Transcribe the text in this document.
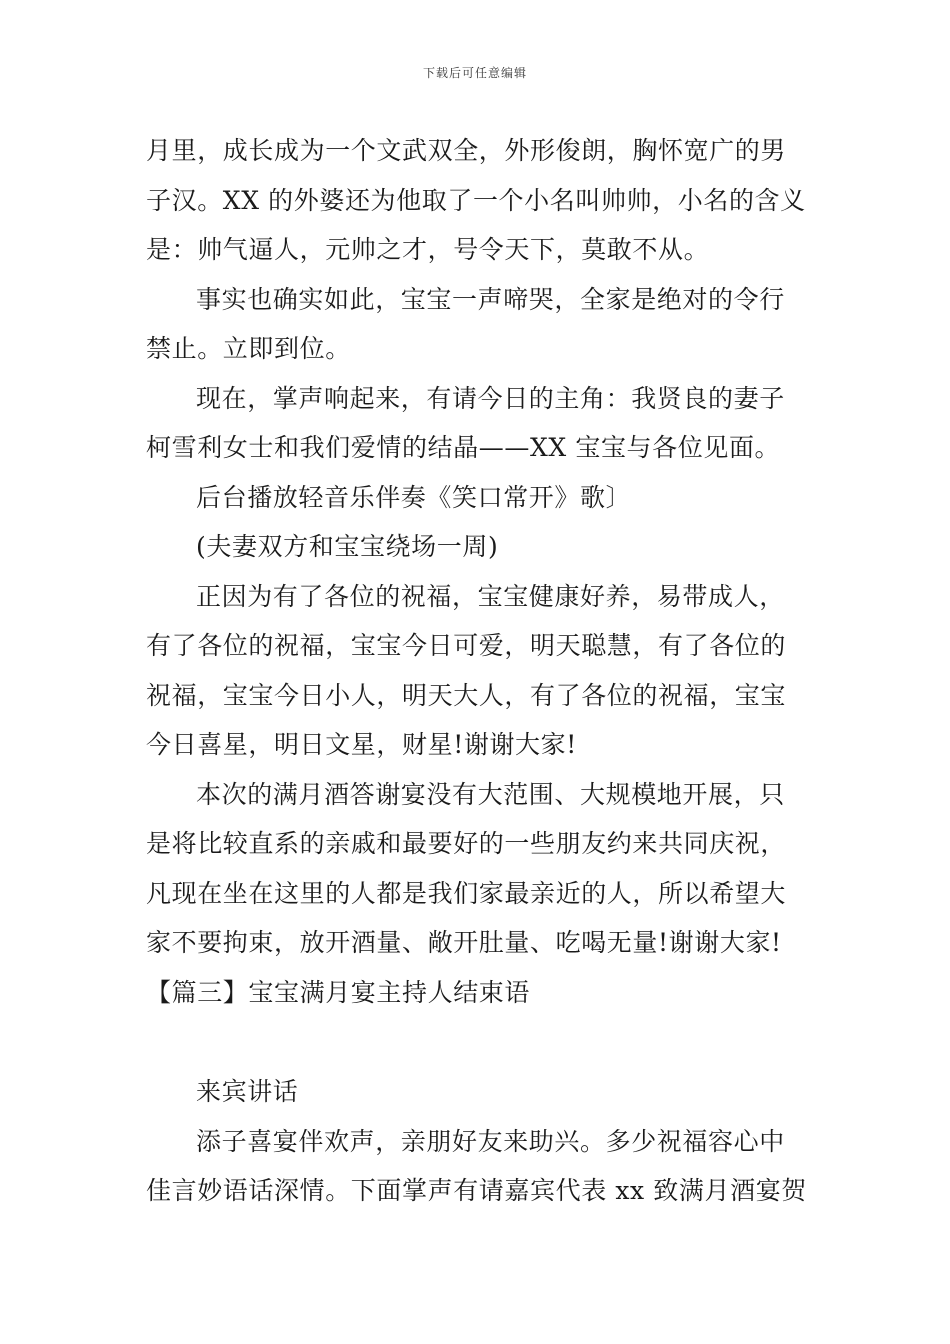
下载后可任意编辑
月里，成长成为一个文武双全，外形俊朗，胸怀宽广的男
子汉。XX 的外婆还为他取了一个小名叫帅帅，小名的含义
是：帅气逼人，元帅之才，号令天下，莫敢不从。
事实也确实如此，宝宝一声啼哭，全家是绝对的令行
禁止。立即到位。
现在，掌声响起来，有请今日的主角：我贤良的妻子
柯雪利女士和我们爱情的结晶——XX 宝宝与各位见面。
后台播放轻音乐伴奏《笑口常开》歌〕
(夫妻双方和宝宝绕场一周)
正因为有了各位的祝福，宝宝健康好养，易带成人，
有了各位的祝福，宝宝今日可爱，明天聪慧，有了各位的
祝福，宝宝今日小人，明天大人，有了各位的祝福，宝宝
今日喜星，明日文星，财星!谢谢大家!
本次的满月酒答谢宴没有大范围、大规模地开展，只
是将比较直系的亲戚和最要好的一些朋友约来共同庆祝，
凡现在坐在这里的人都是我们家最亲近的人，所以希望大
家不要拘束，放开酒量、敞开肚量、吃喝无量!谢谢大家!
【篇三】宝宝满月宴主持人结束语
来宾讲话
添子喜宴伴欢声，亲朋好友来助兴。多少祝福容心中
佳言妙语话深情。下面掌声有请嘉宾代表 xx 致满月酒宴贺
